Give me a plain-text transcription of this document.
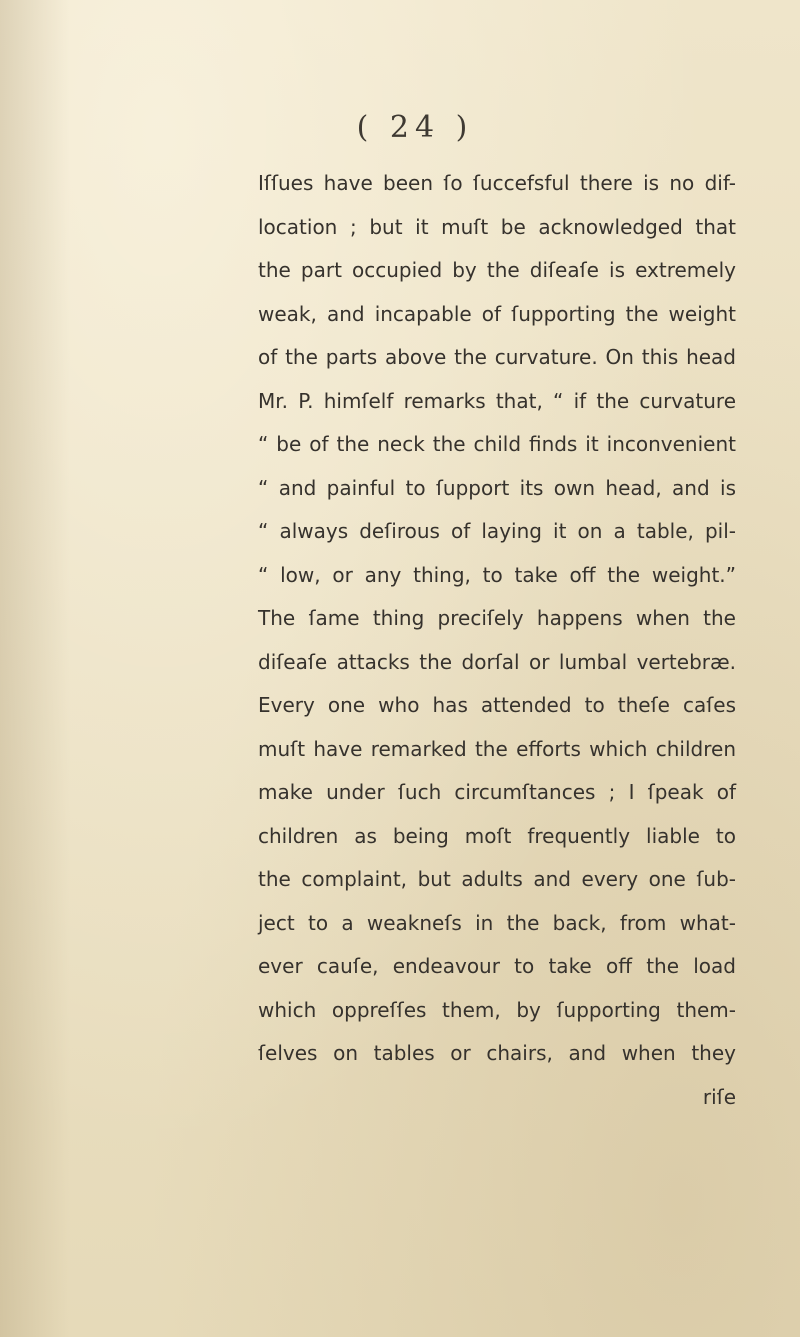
( 24 )
Iſſues have been ſo ſuccefsful there is no dif-
location ; but it muſt be acknowledged that
the part occupied by the diſeaſe is extremely
weak, and incapable of ſupporting the weight
of the parts above the curvature. On this head
Mr. P. himſelf remarks that, “ if the curvature
“ be of the neck the child finds it inconvenient
“ and painful to ſupport its own head, and is
“ always deſirous of laying it on a table, pil-
“ low, or any thing, to take off the weight.”
The ſame thing preciſely happens when the
diſeaſe attacks the dorſal or lumbal vertebræ.
Every one who has attended to theſe caſes
muſt have remarked the efforts which children
make under ſuch circumſtances ; I ſpeak of
children as being moſt frequently liable to
the complaint, but adults and every one ſub-
ject to a weakneſs in the back, from what-
ever cauſe, endeavour to take off the load
which oppreſſes them, by ſupporting them-
ſelves on tables or chairs, and when they
riſe
